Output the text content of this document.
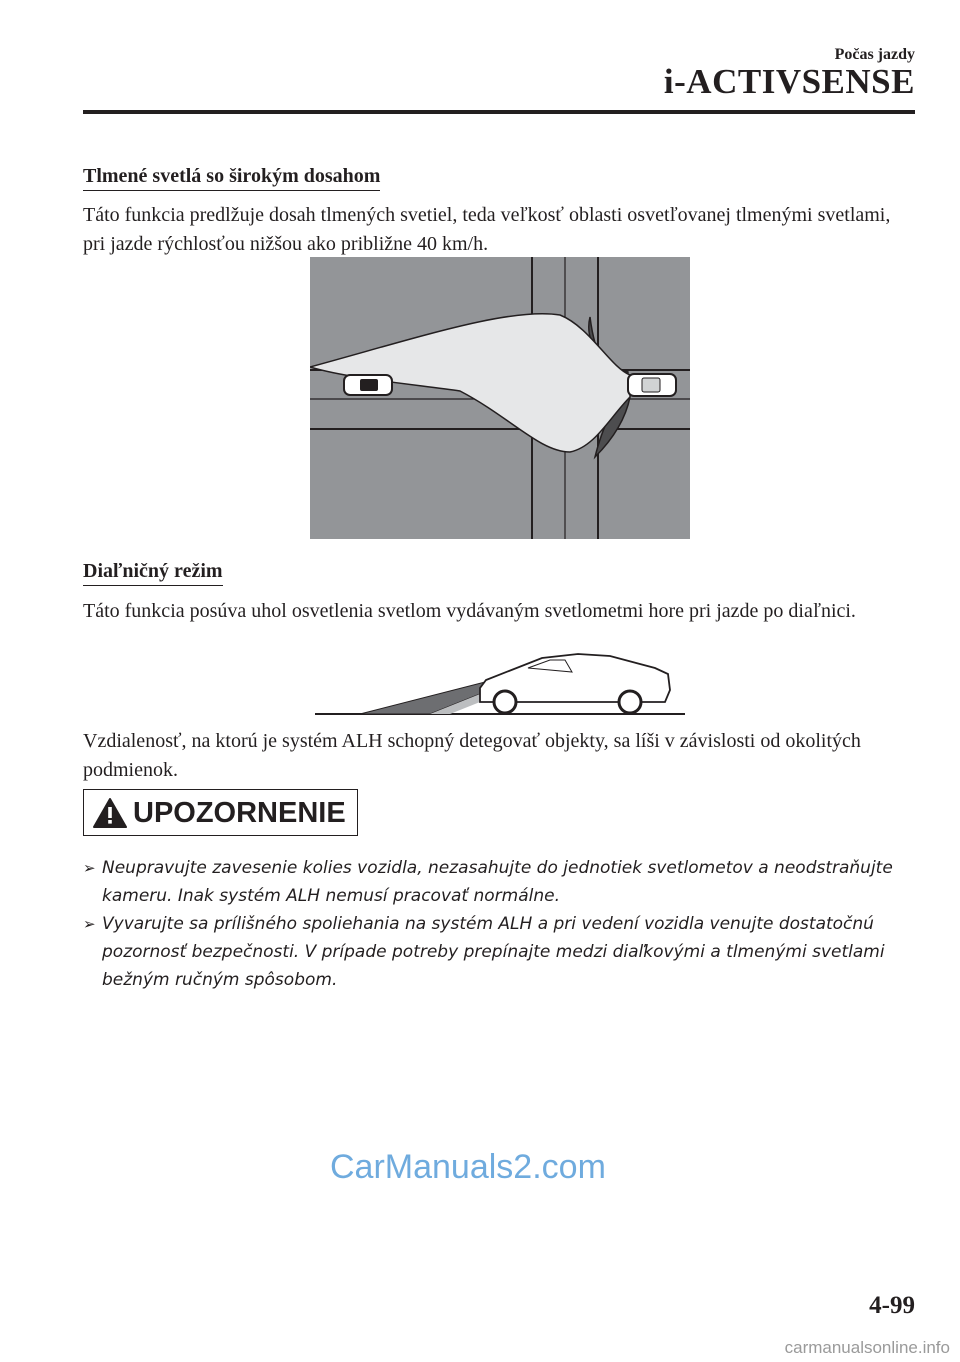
Počas jazdy
i-ACTIVSENSE
Tlmené svetlá so širokým dosahom
Táto funkcia predlžuje dosah tlmených svetiel, teda veľkosť oblasti osvetľovanej tlmenými svetlami, pri jazde rýchlosťou nižšou ako približne 40 km/h.
Diaľničný režim
Táto funkcia posúva uhol osvetlenia svetlom vydávaným svetlometmi hore pri jazde po diaľnici.
Vzdialenosť, na ktorú je systém ALH schopný detegovať objekty, sa líši v závislosti od okolitých podmienok.
UPOZORNENIE
➢ Neupravujte zavesenie kolies vozidla, nezasahujte do jednotiek svetlometov a neodstraňujte kameru. Inak systém ALH nemusí pracovať normálne.
➢ Vyvarujte sa prílišného spoliehania na systém ALH a pri vedení vozidla venujte dostatočnú pozornosť bezpečnosti. V prípade potreby prepínajte medzi diaľkovými a tlmenými svetlami bežným ručným spôsobom.
CarManuals2.com
4-99
carmanualsonline.info
